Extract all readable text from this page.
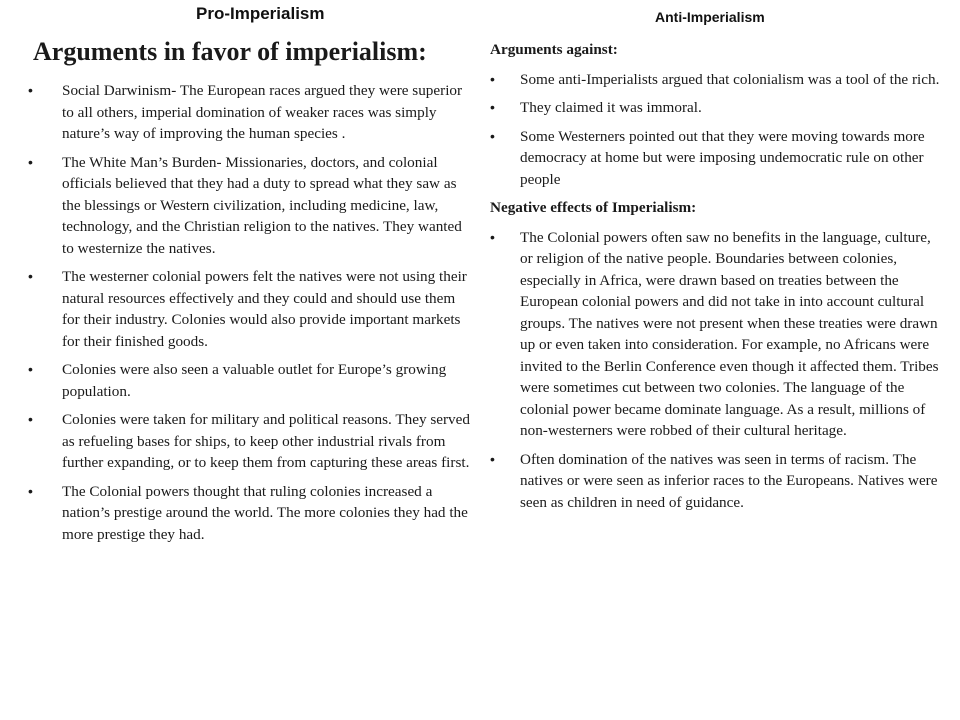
Pro-Imperialism	Anti-Imperialism
Arguments in favor of imperialism:
• Social Darwinism- The European races argued they were superior to all others, imperial domination of weaker races was simply nature’s way of improving the human species .
• The White Man’s Burden- Missionaries, doctors, and colonial officials believed that they had a duty to spread what they saw as the blessings or Western civilization, including medicine, law, technology, and the Christian religion to the natives. They wanted to westernize the natives.
• The westerner colonial powers felt the natives were not using their natural resources effectively and they could and should use them for their industry. Colonies would also provide important markets for their finished goods.
• Colonies were also seen a valuable outlet for Europe’s growing population.
• Colonies were taken for military and political reasons. They served as refueling bases for ships, to keep other industrial rivals from further expanding, or to keep them from capturing these areas first.
• The Colonial powers thought that ruling colonies increased a nation’s prestige around the world. The more colonies they had the more prestige they had.

Arguments against:

• Some anti-Imperialists argued that colonialism was a tool of the rich.
• They claimed it was immoral.
• Some Westerners pointed out that they were moving towards more democracy at home but were imposing undemocratic rule on other people

Negative effects of Imperialism:

• The Colonial powers often saw no benefits in the language, culture, or religion of the native people. Boundaries between colonies, especially in Africa, were drawn based on treaties between the European colonial powers and did not take in into account cultural groups. The natives were not present when these treaties were drawn up or even taken into consideration. For example, no Africans were invited to the Berlin Conference even though it affected them. Tribes were sometimes cut between two colonies. The language of the colonial power became dominate language. As a result, millions of non-westerners were robbed of their cultural heritage.
• Often domination of the natives was seen in terms of racism. The natives or were seen as inferior races to the Europeans. Natives were seen as children in need of guidance.
